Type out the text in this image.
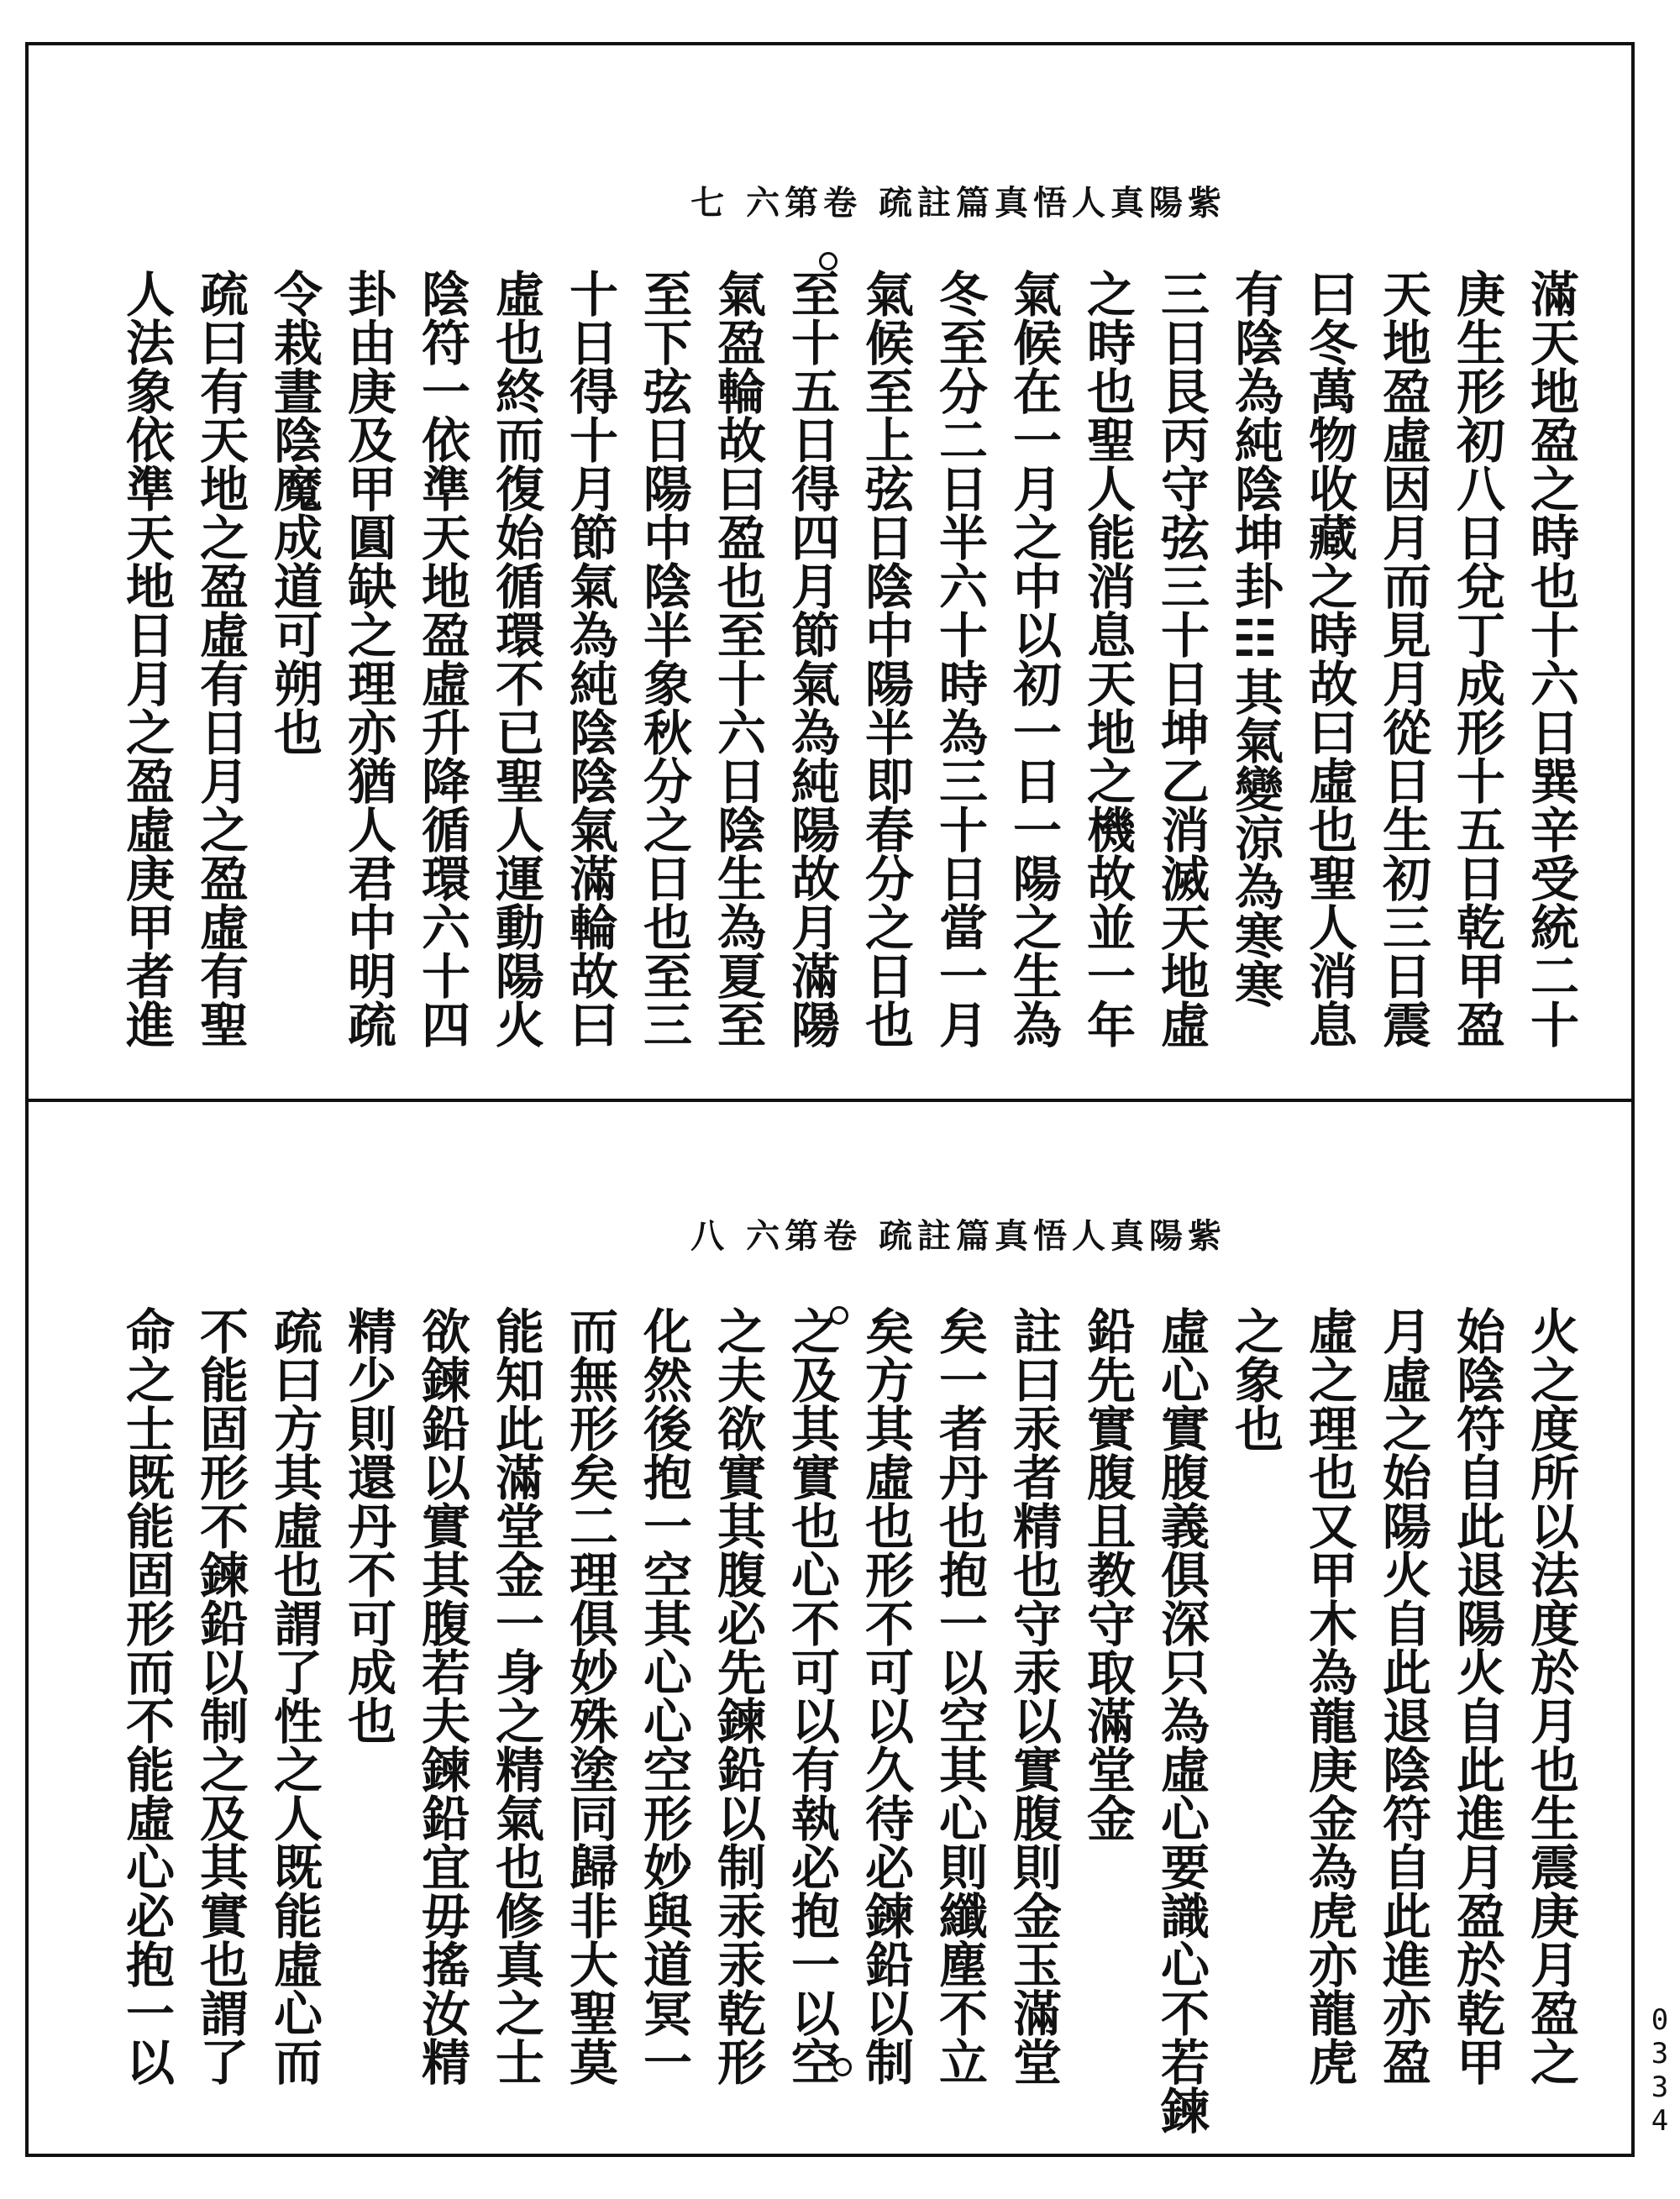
紫陽真人悟真篇註疏 卷第六 七
滿天地盈之時也十六日巽辛受統二十
庚生形初八日兌丁成形十五日乾甲盈
天地盈虛因月而見月從日生初三日震
曰冬萬物收藏之時故曰虛也聖人消息
有陰為純陰坤卦☷其氣變涼為寒寒
三日艮丙守弦三十日坤乙消滅天地虛
之時也聖人能消息天地之機故並一年
氣候在一月之中以初一日一陽之生為
冬至分二日半六十時為三十日當一月
氣候至上弦日陰中陽半即春分之日也
至十五日得四月節氣為純陽故月滿陽
氣盈輪故曰盈也至十六日陰生為夏至
至下弦日陽中陰半象秋分之日也至三
十日得十月節氣為純陰陰氣滿輪故曰
虛也終而復始循環不已聖人運動陽火
陰符一依準天地盈虛升降循環六十四
卦由庚及甲圓缺之理亦猶人君中明疏
令栽晝陰魔成道可朔也
疏曰有天地之盈虛有日月之盈虛有聖
人法象依準天地日月之盈虛庚甲者進
紫陽真人悟真篇註疏 卷第六 八
火之度所以法度於月也生震庚月盈之
始陰符自此退陽火自此進月盈於乾甲
月虛之始陽火自此退陰符自此進亦盈
虛之理也又甲木為龍庚金為虎亦龍虎
之象也
虛心實腹義俱深只為虛心要識心不若鍊
鉛先實腹且教守取滿堂金
註曰汞者精也守汞以實腹則金玉滿堂
矣一者丹也抱一以空其心則纖塵不立
矣方其虛也形不可以久待必鍊鉛以制
之及其實也心不可以有執必抱一以空
之夫欲實其腹必先鍊鉛以制汞汞乾形
化然後抱一空其心心空形妙與道冥一
而無形矣二理俱妙殊塗同歸非大聖莫
能知此滿堂金一身之精氣也修真之士
欲鍊鉛以實其腹若夫鍊鉛宜毋搖汝精
精少則還丹不可成也
疏曰方其虛也謂了性之人既能虛心而
不能固形不鍊鉛以制之及其實也謂了
命之士既能固形而不能虛心必抱一以	0334
